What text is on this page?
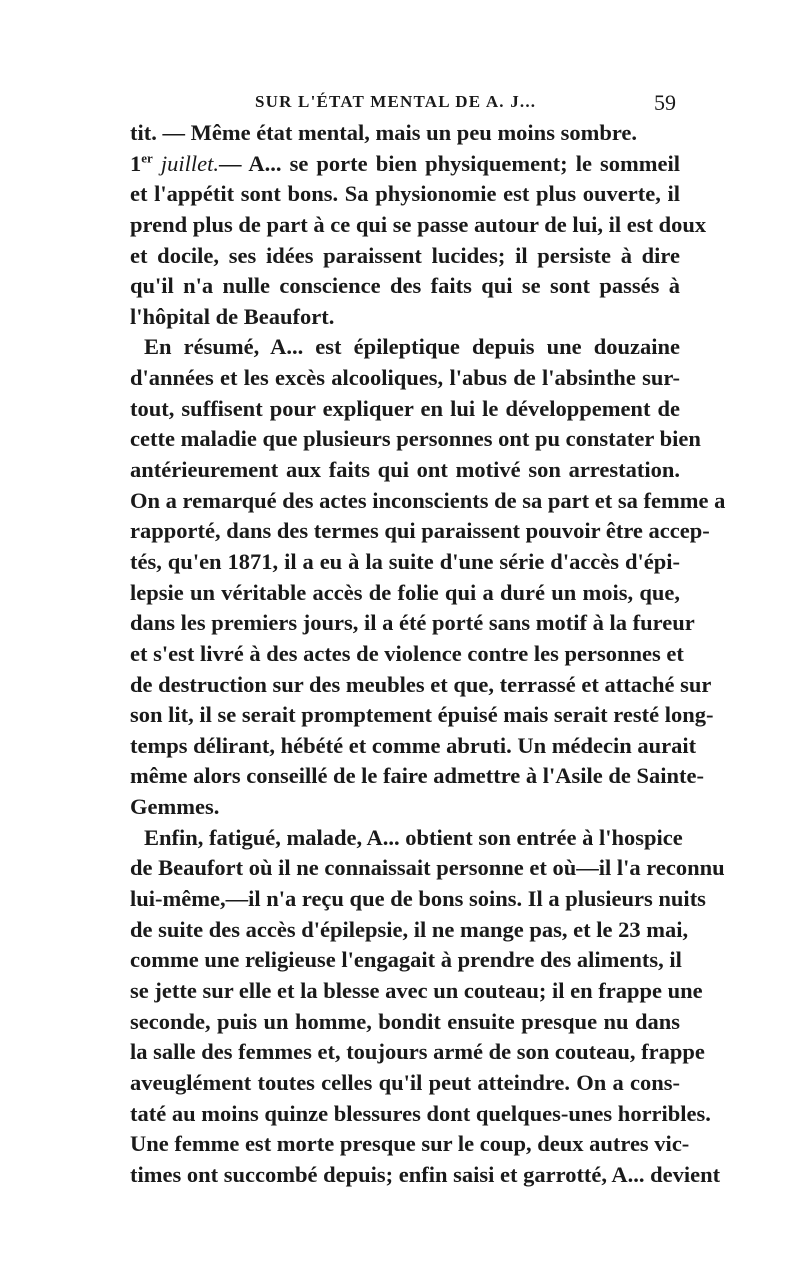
SUR L'ÉTAT MENTAL DE A. J...	59
tit. — Même état mental, mais un peu moins sombre.
1er juillet.— A... se porte bien physiquement; le sommeil
et l'appétit sont bons. Sa physionomie est plus ouverte, il
prend plus de part à ce qui se passe autour de lui, il est doux
et docile, ses idées paraissent lucides; il persiste à dire
qu'il n'a nulle conscience des faits qui se sont passés à
l'hôpital de Beaufort.
En résumé, A... est épileptique depuis une douzaine
d'années et les excès alcooliques, l'abus de l'absinthe sur-
tout, suffisent pour expliquer en lui le développement de
cette maladie que plusieurs personnes ont pu constater bien
antérieurement aux faits qui ont motivé son arrestation.
On a remarqué des actes inconscients de sa part et sa femme a
rapporté, dans des termes qui paraissent pouvoir être accep-
tés, qu'en 1871, il a eu à la suite d'une série d'accès d'épi-
lepsie un véritable accès de folie qui a duré un mois, que,
dans les premiers jours, il a été porté sans motif à la fureur
et s'est livré à des actes de violence contre les personnes et
de destruction sur des meubles et que, terrassé et attaché sur
son lit, il se serait promptement épuisé mais serait resté long-
temps délirant, hébété et comme abruti. Un médecin aurait
même alors conseillé de le faire admettre à l'Asile de Sainte-
Gemmes.
Enfin, fatigué, malade, A... obtient son entrée à l'hospice
de Beaufort où il ne connaissait personne et où—il l'a reconnu
lui-même,—il n'a reçu que de bons soins. Il a plusieurs nuits
de suite des accès d'épilepsie, il ne mange pas, et le 23 mai,
comme une religieuse l'engagait à prendre des aliments, il
se jette sur elle et la blesse avec un couteau; il en frappe une
seconde, puis un homme, bondit ensuite presque nu dans
la salle des femmes et, toujours armé de son couteau, frappe
aveuglément toutes celles qu'il peut atteindre. On a cons-
taté au moins quinze blessures dont quelques-unes horribles.
Une femme est morte presque sur le coup, deux autres vic-
times ont succombé depuis; enfin saisi et garrotté, A... devient
